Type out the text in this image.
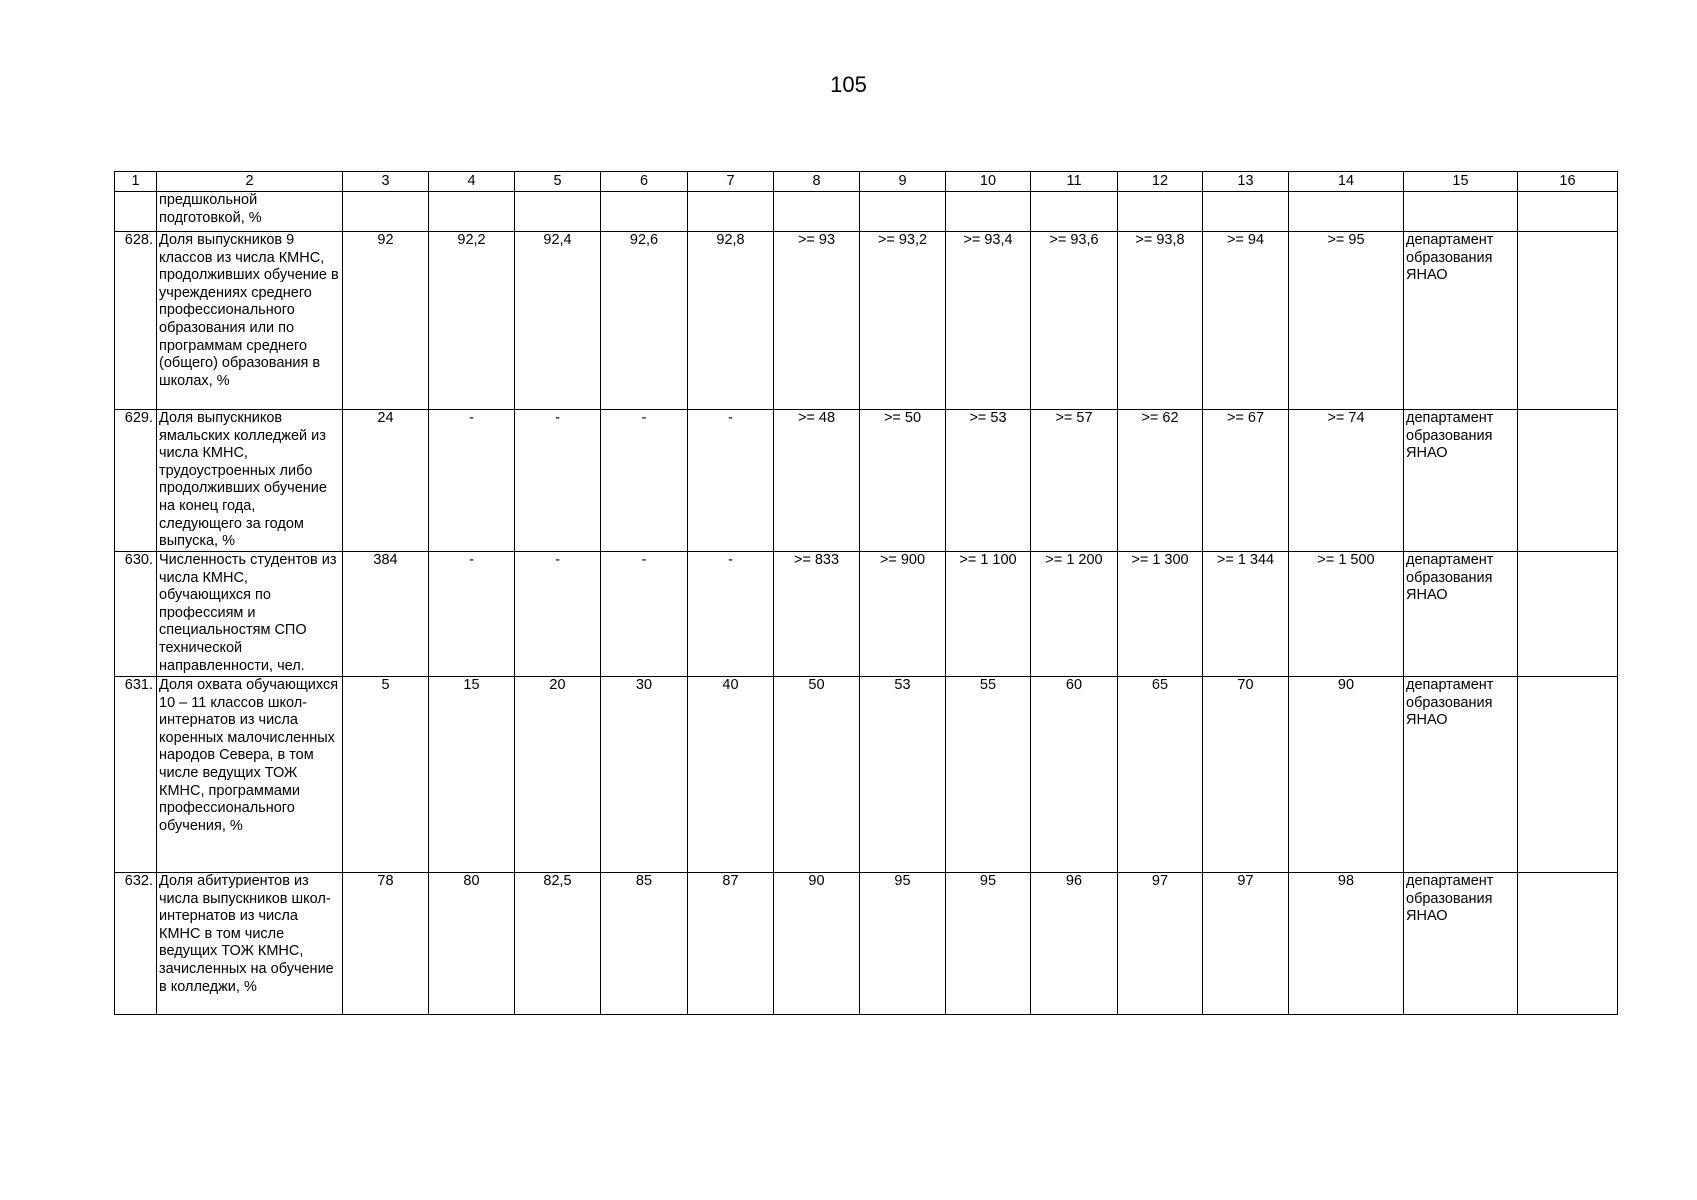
105
1	2	3	4	5	6	7	8	9	10	11	12	13	14	15	16
	предшкольной подготовкой, %														
628.	Доля выпускников 9 классов из числа КМНС, продолживших обучение в учреждениях среднего профессионального образования или по программам среднего (общего) образования в школах, %	92	92,2	92,4	92,6	92,8	>= 93	>= 93,2	>= 93,4	>= 93,6	>= 93,8	>= 94	>= 95	департамент образования ЯНАО	
629.	Доля выпускников ямальских колледжей из числа КМНС, трудоустроенных либо продолживших обучение на конец года, следующего за годом выпуска, %	24	-	-	-	-	>= 48	>= 50	>= 53	>= 57	>= 62	>= 67	>= 74	департамент образования ЯНАО	
630.	Численность студентов из числа КМНС, обучающихся по профессиям и специальностям СПО технической направленности, чел.	384	-	-	-	-	>= 833	>= 900	>= 1 100	>= 1 200	>= 1 300	>= 1 344	>= 1 500	департамент образования ЯНАО	
631.	Доля охвата обучающихся 10 – 11 классов школ-интернатов из числа коренных малочисленных народов Севера, в том числе ведущих ТОЖ КМНС, программами профессионального обучения, %	5	15	20	30	40	50	53	55	60	65	70	90	департамент образования ЯНАО	
632.	Доля абитуриентов из числа выпускников школ-интернатов из числа КМНС в том числе ведущих ТОЖ КМНС, зачисленных на обучение в колледжи, %	78	80	82,5	85	87	90	95	95	96	97	97	98	департамент образования ЯНАО	
